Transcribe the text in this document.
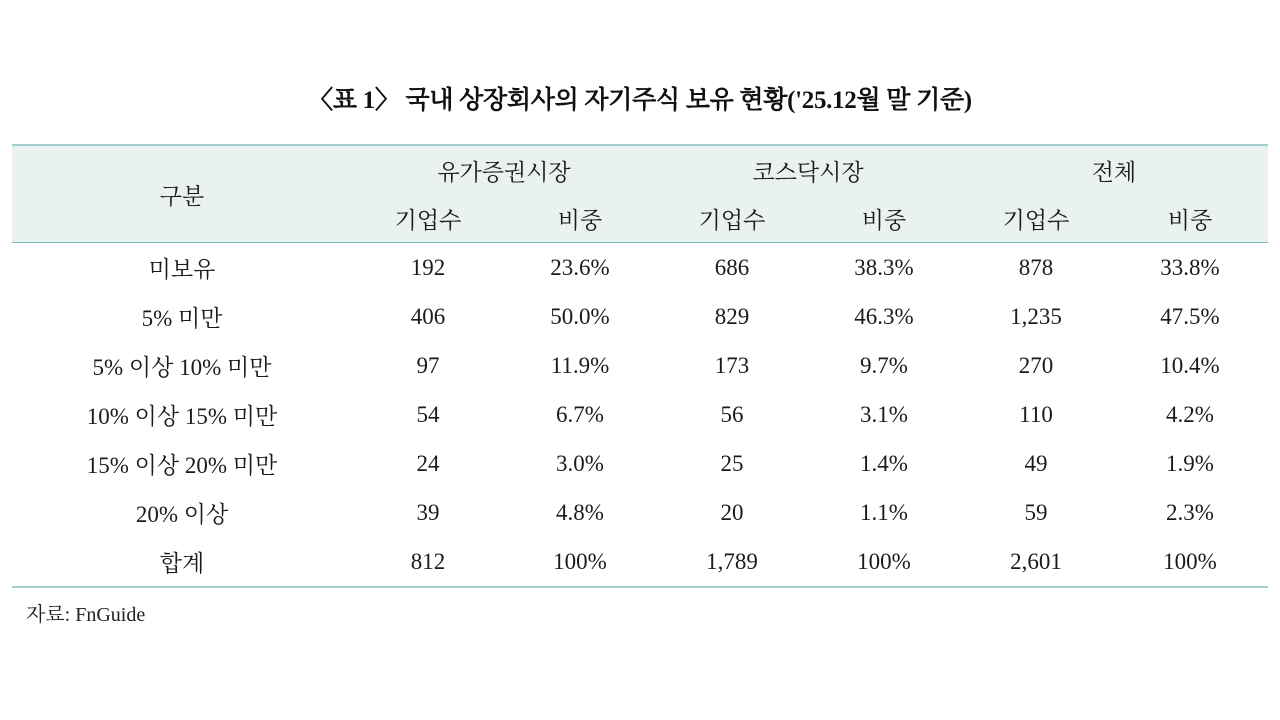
〈표 1〉 국내 상장회사의 자기주식 보유 현황('25.12월 말 기준)
구분	유가증권시장		코스닥시장		전체	
	기업수	비중	기업수	비중	기업수	비중
미보유	192	23.6%	686	38.3%	878	33.8%
5% 미만	406	50.0%	829	46.3%	1,235	47.5%
5% 이상 10% 미만	97	11.9%	173	9.7%	270	10.4%
10% 이상 15% 미만	54	6.7%	56	3.1%	110	4.2%
15% 이상 20% 미만	24	3.0%	25	1.4%	49	1.9%
20% 이상	39	4.8%	20	1.1%	59	2.3%
합계	812	100%	1,789	100%	2,601	100%
자료: FnGuide
